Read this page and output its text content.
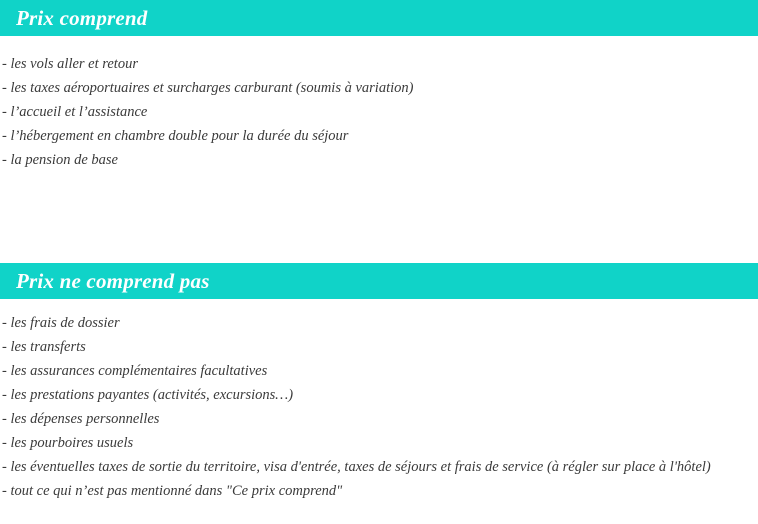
Prix comprend
- les vols aller et retour
- les taxes aéroportuaires et surcharges carburant (soumis à variation)
- l’accueil et l’assistance
- l’hébergement en chambre double pour la durée du séjour
- la pension de base
Prix ne comprend pas
- les frais de dossier
- les transferts
- les assurances complémentaires facultatives
- les prestations payantes (activités, excursions…)
- les dépenses personnelles
- les pourboires usuels
- les éventuelles taxes de sortie du territoire, visa d'entrée, taxes de séjours et frais de service (à régler sur place à l'hôtel)
- tout ce qui n’est pas mentionné dans "Ce prix comprend"
